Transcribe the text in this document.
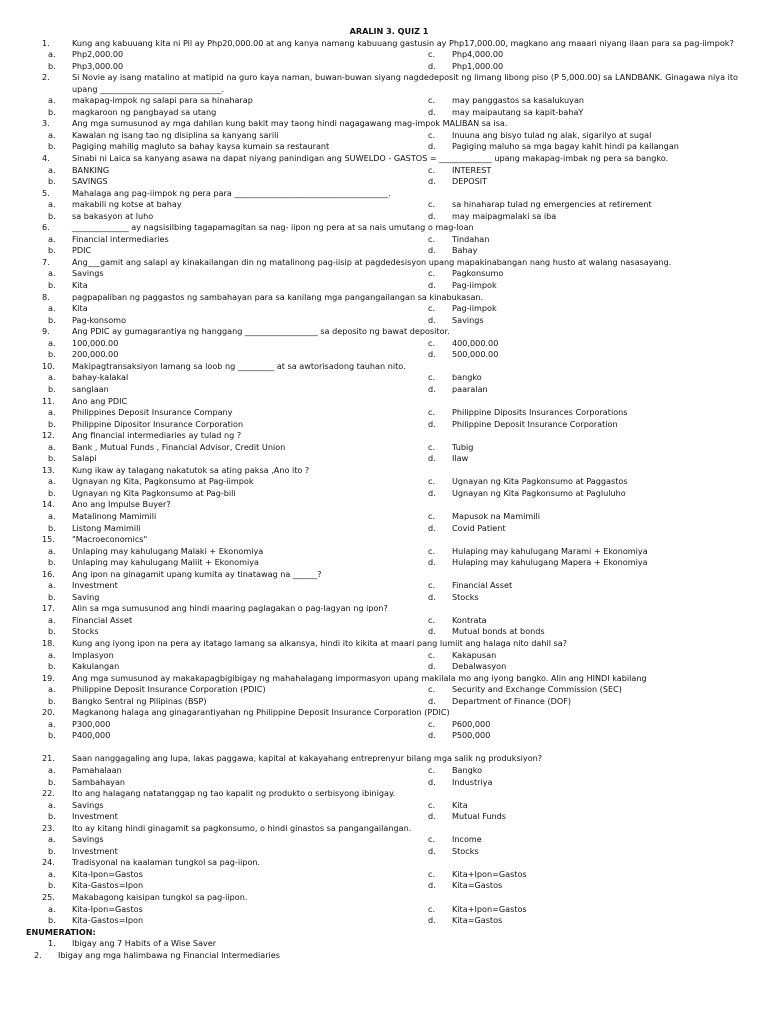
ARALIN 3. QUIZ 1
1.	Kung ang kabuuang kita ni Pil ay Php20,000.00 at ang kanya namang kabuuang gastusin ay Php17,000.00, magkano ang maaari niyang ilaan para sa pag-iimpok?
a. Php2,000.00	c. Php4,000.00
b. Php3,000.00	d. Php1,000.00
2.	Si Novie ay isang matalino at matipid na guro kaya naman, buwan-buwan siyang nagdedeposit ng limang libong piso (P 5,000.00) sa LANDBANK. Ginagawa niya ito
upang ______________________________.
a. makapag-impok ng salapi para sa hinaharap	c. may panggastos sa kasalukuyan
b. magkaroon ng pangbayad sa utang	d. may maipautang sa kapit-bahaY
3.	Ang mga sumusunod ay mga dahilan kung bakit may taong hindi nagagawang mag-impok MALIBAN sa isa.
a. Kawalan ng isang tao ng disiplina sa kanyang sarili	c. Inuuna ang bisyo tulad ng alak, sigarilyo at sugal
b. Pagiging mahilig magluto sa bahay kaysa kumain sa restaurant	d. Pagiging maluho sa mga bagay kahit hindi pa kailangan
4.	Sinabi ni Laica sa kanyang asawa na dapat niyang panindigan ang SUWELDO - GASTOS = _____________ upang makapag-imbak ng pera sa bangko.
a. BANKING	c. INTEREST
b. SAVINGS	d. DEPOSIT
5.	Mahalaga ang pag-iimpok ng pera para ______________________________________.
a. makabili ng kotse at bahay	c. sa hinaharap tulad ng emergencies at retirement
b. sa bakasyon at luho	d. may maipagmalaki sa iba
6.	______________ ay nagsisilbing tagapamagitan sa nag- iipon ng pera at sa nais umutang o mag-loan
a. Financial intermediaries	c. Tindahan
b. PDIC	d. Bahay
7.	Ang___gamit ang salapi ay kinakailangan din ng matalinong pag-iisip at pagdedesisyon upang mapakinabangan nang husto at walang nasasayang.
a. Savings	c. Pagkonsumo
b. Kita	d. Pag-iimpok
8.	pagpapaliban ng paggastos ng sambahayan para sa kanilang mga pangangailangan sa kinabukasan.
a. Kita	c. Pag-iimpok
b. Pag-konsomo	d. Savings
9.	Ang PDIC ay gumagarantiya ng hanggang __________________ sa deposito ng bawat depositor.
a. 100,000.00	c. 400,000.00
b. 200,000.00	d. 500,000.00
10. Makipagtransaksiyon lamang sa loob ng _________ at sa awtorisadong tauhan nito.
a. bahay-kalakal	c. bangko
b. sanglaan	d. paaralan
11. Ano ang PDIC
a. Philippines Deposit Insurance Company	c. Philippine Diposits Insurances Corporations
b. Philippine Dipositor Insurance Corporation	d. Philippine Deposit Insurance Corporation
12. Ang financial intermediaries ay tulad ng ?
a. Bank , Mutual Funds , Financial Advisor, Credit Union	c. Tubig
b. Salapi	d. Ilaw
13. Kung ikaw ay talagang nakatutok sa ating paksa ,Ano ito ?
a. Ugnayan ng Kita, Pagkonsumo at Pag-iimpok	c. Ugnayan ng Kita Pagkonsumo at Paggastos
b. Ugnayan ng Kita Pagkonsumo at Pag-bili	d. Ugnayan ng Kita Pagkonsumo at Pagluluho
14. Ano ang Impulse Buyer?
a. Matalinong Mamimili	c. Mapusok na Mamimili
b. Listong Mamimili	d. Covid Patient
15. "Macroeconomics"
a. Unlaping may kahulugang Malaki + Ekonomiya	c. Hulaping may kahulugang Marami + Ekonomiya
b. Unlaping may kahulugang Maliit + Ekonomiya	d. Hulaping may kahulugang Mapera + Ekonomiya
16. Ang ipon na ginagamit upang kumita ay tinatawag na ______?
a. Investment	c. Financial Asset
b. Saving	d. Stocks
17. Alin sa mga sumusunod ang hindi maaring paglagakan o pag-lagyan ng ipon?
a. Financial Asset	c. Kontrata
b. Stocks	d. Mutual bonds at bonds
18. Kung ang iyong ipon na pera ay itatago lamang sa alkansya, hindi ito kikita at maari pang lumiit ang halaga nito dahil sa?
a. Implasyon	c. Kakapusan
b. Kakulangan	d. Debalwasyon
19. Ang mga sumusunod ay makakapagbigibigay ng mahahalagang impormasyon upang makilala mo ang iyong bangko. Alin ang HINDI kabilang
a. Philippine Deposit Insurance Corporation (PDIC)	c. Security and Exchange Commission (SEC)
b. Bangko Sentral ng Pilipinas (BSP)	d. Department of Finance (DOF)
20. Magkanong halaga ang ginagarantiyahan ng Philippine Deposit Insurance Corporation (PDIC)
a. P300,000	c. P600,000
b. P400,000	d. P500,000
21. Saan nanggagaling ang lupa, lakas paggawa, kapital at kakayahang entreprenyur bilang mga salik ng produksiyon?
a. Pamahalaan	c. Bangko
b. Sambahayan	d. Industriya
22. Ito ang halagang natatanggap ng tao kapalit ng produkto o serbisyong ibinigay.
a. Savings	c. Kita
b. Investment	d. Mutual Funds
23. Ito ay kitang hindi ginagamit sa pagkonsumo, o hindi ginastos sa pangangailangan.
a. Savings	c. Income
b. Investment	d. Stocks
24. Tradisyonal na kaalaman tungkol sa pag-iipon.
a. Kita-Ipon=Gastos	c. Kita+Ipon=Gastos
b. Kita-Gastos=Ipon	d. Kita=Gastos
25. Makabagong kaisipan tungkol sa pag-iipon.
a. Kita-Ipon=Gastos	c. Kita+Ipon=Gastos
b. Kita-Gastos=Ipon	d. Kita=Gastos
ENUMERATION:
1. Ibigay ang 7 Habits of a Wise Saver
2. Ibigay ang mga halimbawa ng Financial Intermediaries
